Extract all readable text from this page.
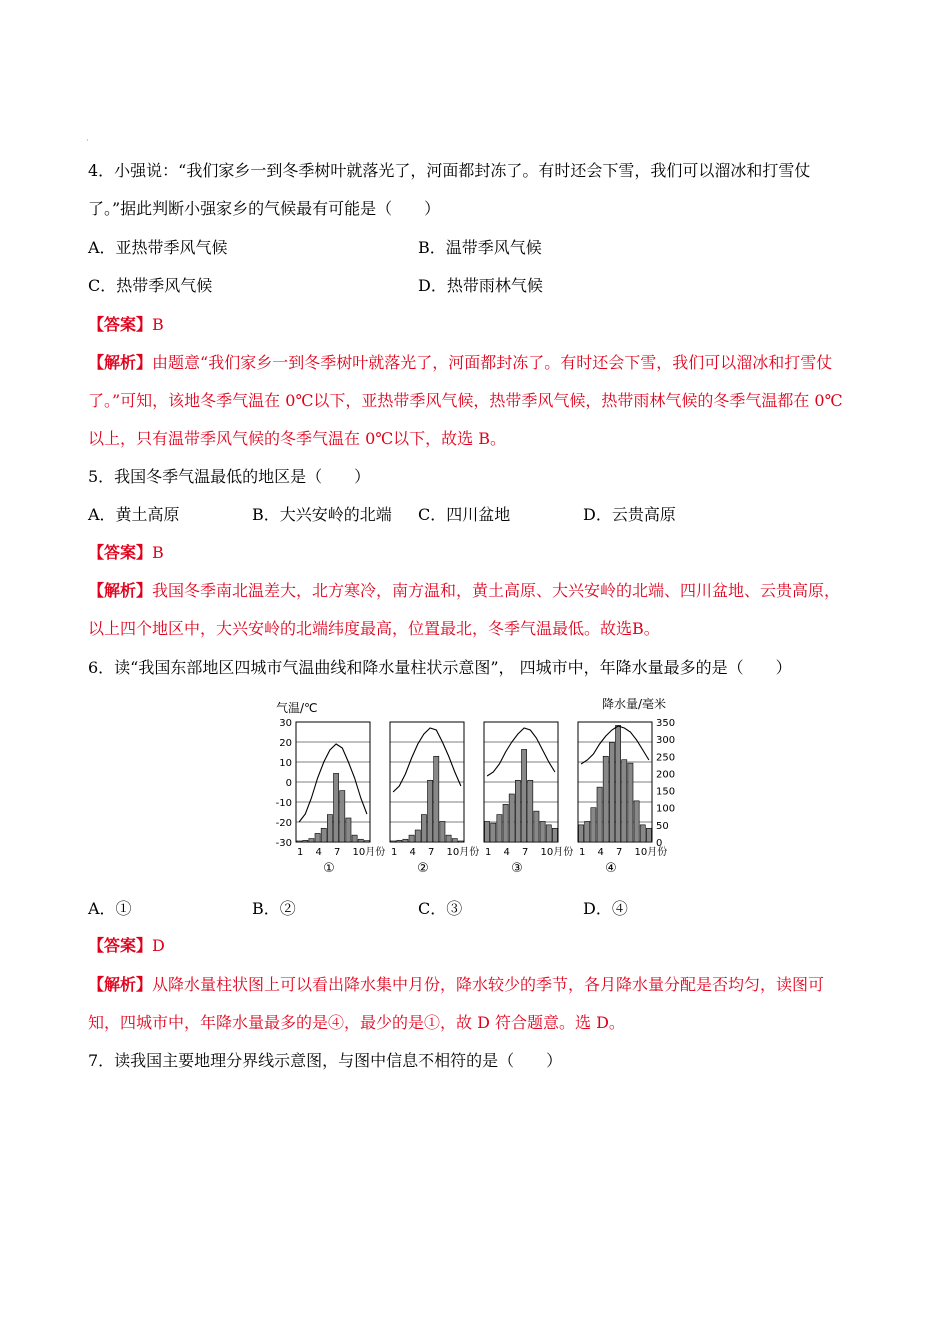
·
4．小强说：“我们家乡一到冬季树叶就落光了，河面都封冻了。有时还会下雪，我们可以溜冰和打雪仗
了。”据此判断小强家乡的气候最有可能是（　　）
A．亚热带季风气候	B．温带季风气候
C．热带季风气候	D．热带雨林气候
【答案】B
【解析】由题意“我们家乡一到冬季树叶就落光了，河面都封冻了。有时还会下雪，我们可以溜冰和打雪仗
了。”可知，该地冬季气温在 0℃以下，亚热带季风气候，热带季风气候，热带雨林气候的冬季气温都在 0℃
以上，只有温带季风气候的冬季气温在 0℃以下，故选 B。
5．我国冬季气温最低的地区是（　　）
A．黄土高原	B．大兴安岭的北端 C．四川盆地	D．云贵高原
【答案】B
【解析】我国冬季南北温差大，北方寒冷，南方温和，黄土高原、大兴安岭的北端、四川盆地、云贵高原，
以上四个地区中，大兴安岭的北端纬度最高，位置最北，冬季气温最低。故选B。
6．读“我国东部地区四城市气温曲线和降水量柱状示意图”， 四城市中，年降水量最多的是（　　）
气温/℃	降水量/毫米
30
20
10
0
-10
-20
-30
350
300
250
200
150
100
50
0
1 4 7 10月份
①
1 4 7 10月份
②
1 4 7 10月份
③
1 4 7 10月份
④
A．①	B．②	C．③	D．④
【答案】D
【解析】从降水量柱状图上可以看出降水集中月份，降水较少的季节，各月降水量分配是否均匀，读图可
知，四城市中，年降水量最多的是④，最少的是①，故 D 符合题意。选 D。
7．读我国主要地理分界线示意图，与图中信息不相符的是（　　）
